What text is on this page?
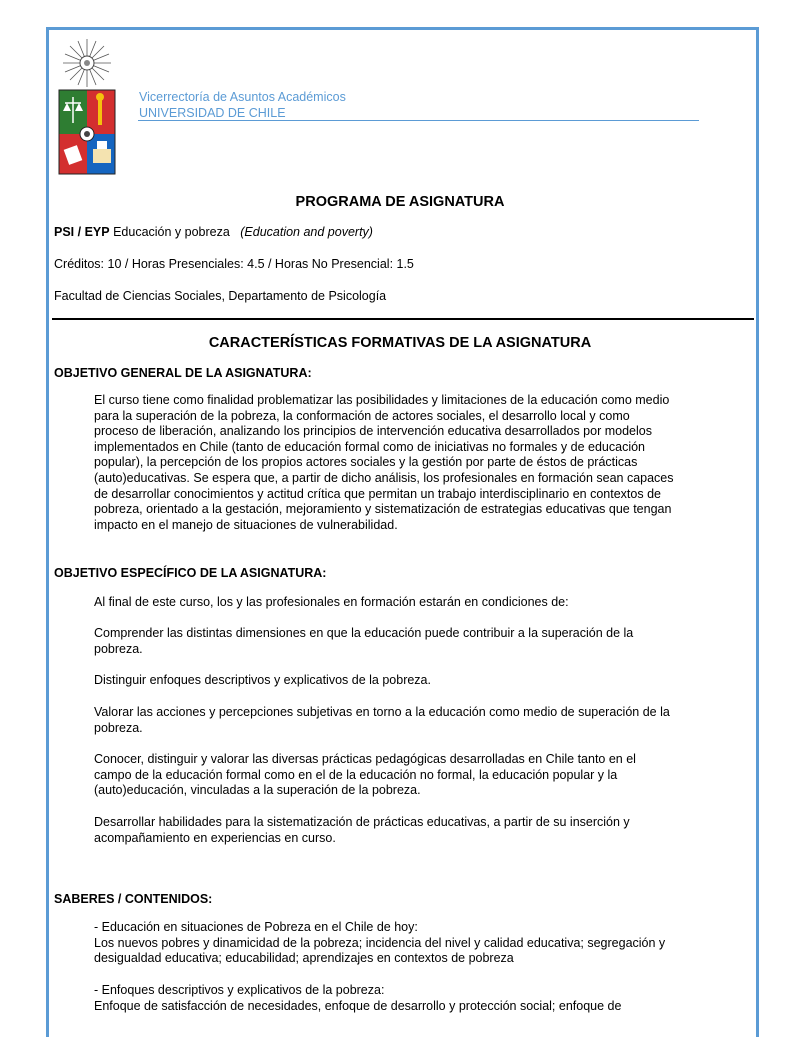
Vicerrectoría de Asuntos Académicos
UNIVERSIDAD DE CHILE
PROGRAMA DE ASIGNATURA
PSI / EYP Educación y pobreza (Education and poverty)
Créditos: 10 / Horas Presenciales: 4.5 / Horas No Presencial: 1.5
Facultad de Ciencias Sociales, Departamento de Psicología
CARACTERÍSTICAS FORMATIVAS DE LA ASIGNATURA
OBJETIVO GENERAL DE LA ASIGNATURA:
El curso tiene como finalidad problematizar las posibilidades y limitaciones de la educación como medio
para la superación de la pobreza, la conformación de actores sociales, el desarrollo local y como
proceso de liberación, analizando los principios de intervención educativa desarrollados por modelos
implementados en Chile (tanto de educación formal como de iniciativas no formales y de educación
popular), la percepción de los propios actores sociales y la gestión por parte de éstos de prácticas
(auto)educativas. Se espera que, a partir de dicho análisis, los profesionales en formación sean capaces
de desarrollar conocimientos y actitud crítica que permitan un trabajo interdisciplinario en contextos de
pobreza, orientado a la gestación, mejoramiento y sistematización de estrategias educativas que tengan
impacto en el manejo de situaciones de vulnerabilidad.
OBJETIVO ESPECÍFICO DE LA ASIGNATURA:
Al final de este curso, los y las profesionales en formación estarán en condiciones de:
Comprender las distintas dimensiones en que la educación puede contribuir a la superación de la
pobreza.
Distinguir enfoques descriptivos y explicativos de la pobreza.
Valorar las acciones y percepciones subjetivas en torno a la educación como medio de superación de la
pobreza.
Conocer, distinguir y valorar las diversas prácticas pedagógicas desarrolladas en Chile tanto en el
campo de la educación formal como en el de la educación no formal, la educación popular y la
(auto)educación, vinculadas a la superación de la pobreza.
Desarrollar habilidades para la sistematización de prácticas educativas, a partir de su inserción y
acompañamiento en experiencias en curso.
SABERES / CONTENIDOS:
- Educación en situaciones de Pobreza en el Chile de hoy:
Los nuevos pobres y dinamicidad de la pobreza; incidencia del nivel y calidad educativa; segregación y
desigualdad educativa; educabilidad; aprendizajes en contextos de pobreza
- Enfoques descriptivos y explicativos de la pobreza:
Enfoque de satisfacción de necesidades, enfoque de desarrollo y protección social; enfoque de
